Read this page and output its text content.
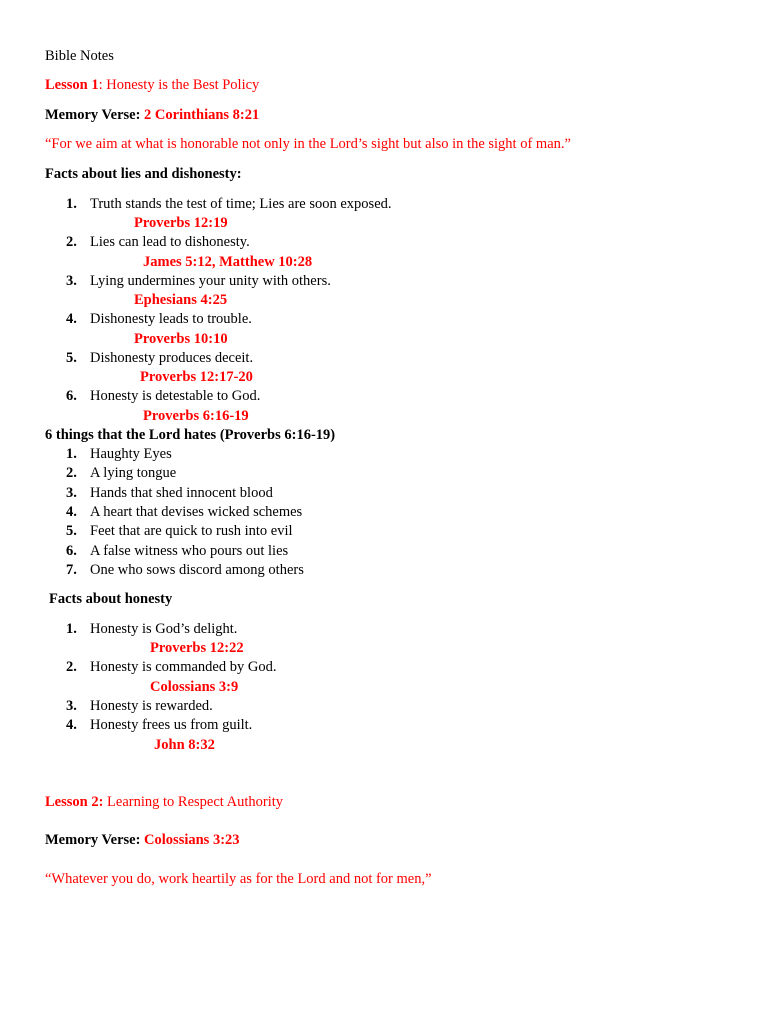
Bible Notes
Lesson 1: Honesty is the Best Policy
Memory Verse: 2 Corinthians 8:21
“For we aim at what is honorable not only in the Lord’s sight but also in the sight of man.”
Facts about lies and dishonesty:
1. Truth stands the test of time; Lies are soon exposed.
Proverbs 12:19
2. Lies can lead to dishonesty.
James 5:12, Matthew 10:28
3. Lying undermines your unity with others.
Ephesians 4:25
4. Dishonesty leads to trouble.
Proverbs 10:10
5. Dishonesty produces deceit.
Proverbs 12:17-20
6. Honesty is detestable to God.
Proverbs 6:16-19
6 things that the Lord hates (Proverbs 6:16-19)
1. Haughty Eyes
2. A lying tongue
3. Hands that shed innocent blood
4. A heart that devises wicked schemes
5. Feet that are quick to rush into evil
6. A false witness who pours out lies
7. One who sows discord among others
Facts about honesty
1. Honesty is God’s delight.
Proverbs 12:22
2. Honesty is commanded by God.
Colossians 3:9
3. Honesty is rewarded.
4. Honesty frees us from guilt.
John 8:32
Lesson 2: Learning to Respect Authority
Memory Verse: Colossians 3:23
“Whatever you do, work heartily as for the Lord and not for men,”
